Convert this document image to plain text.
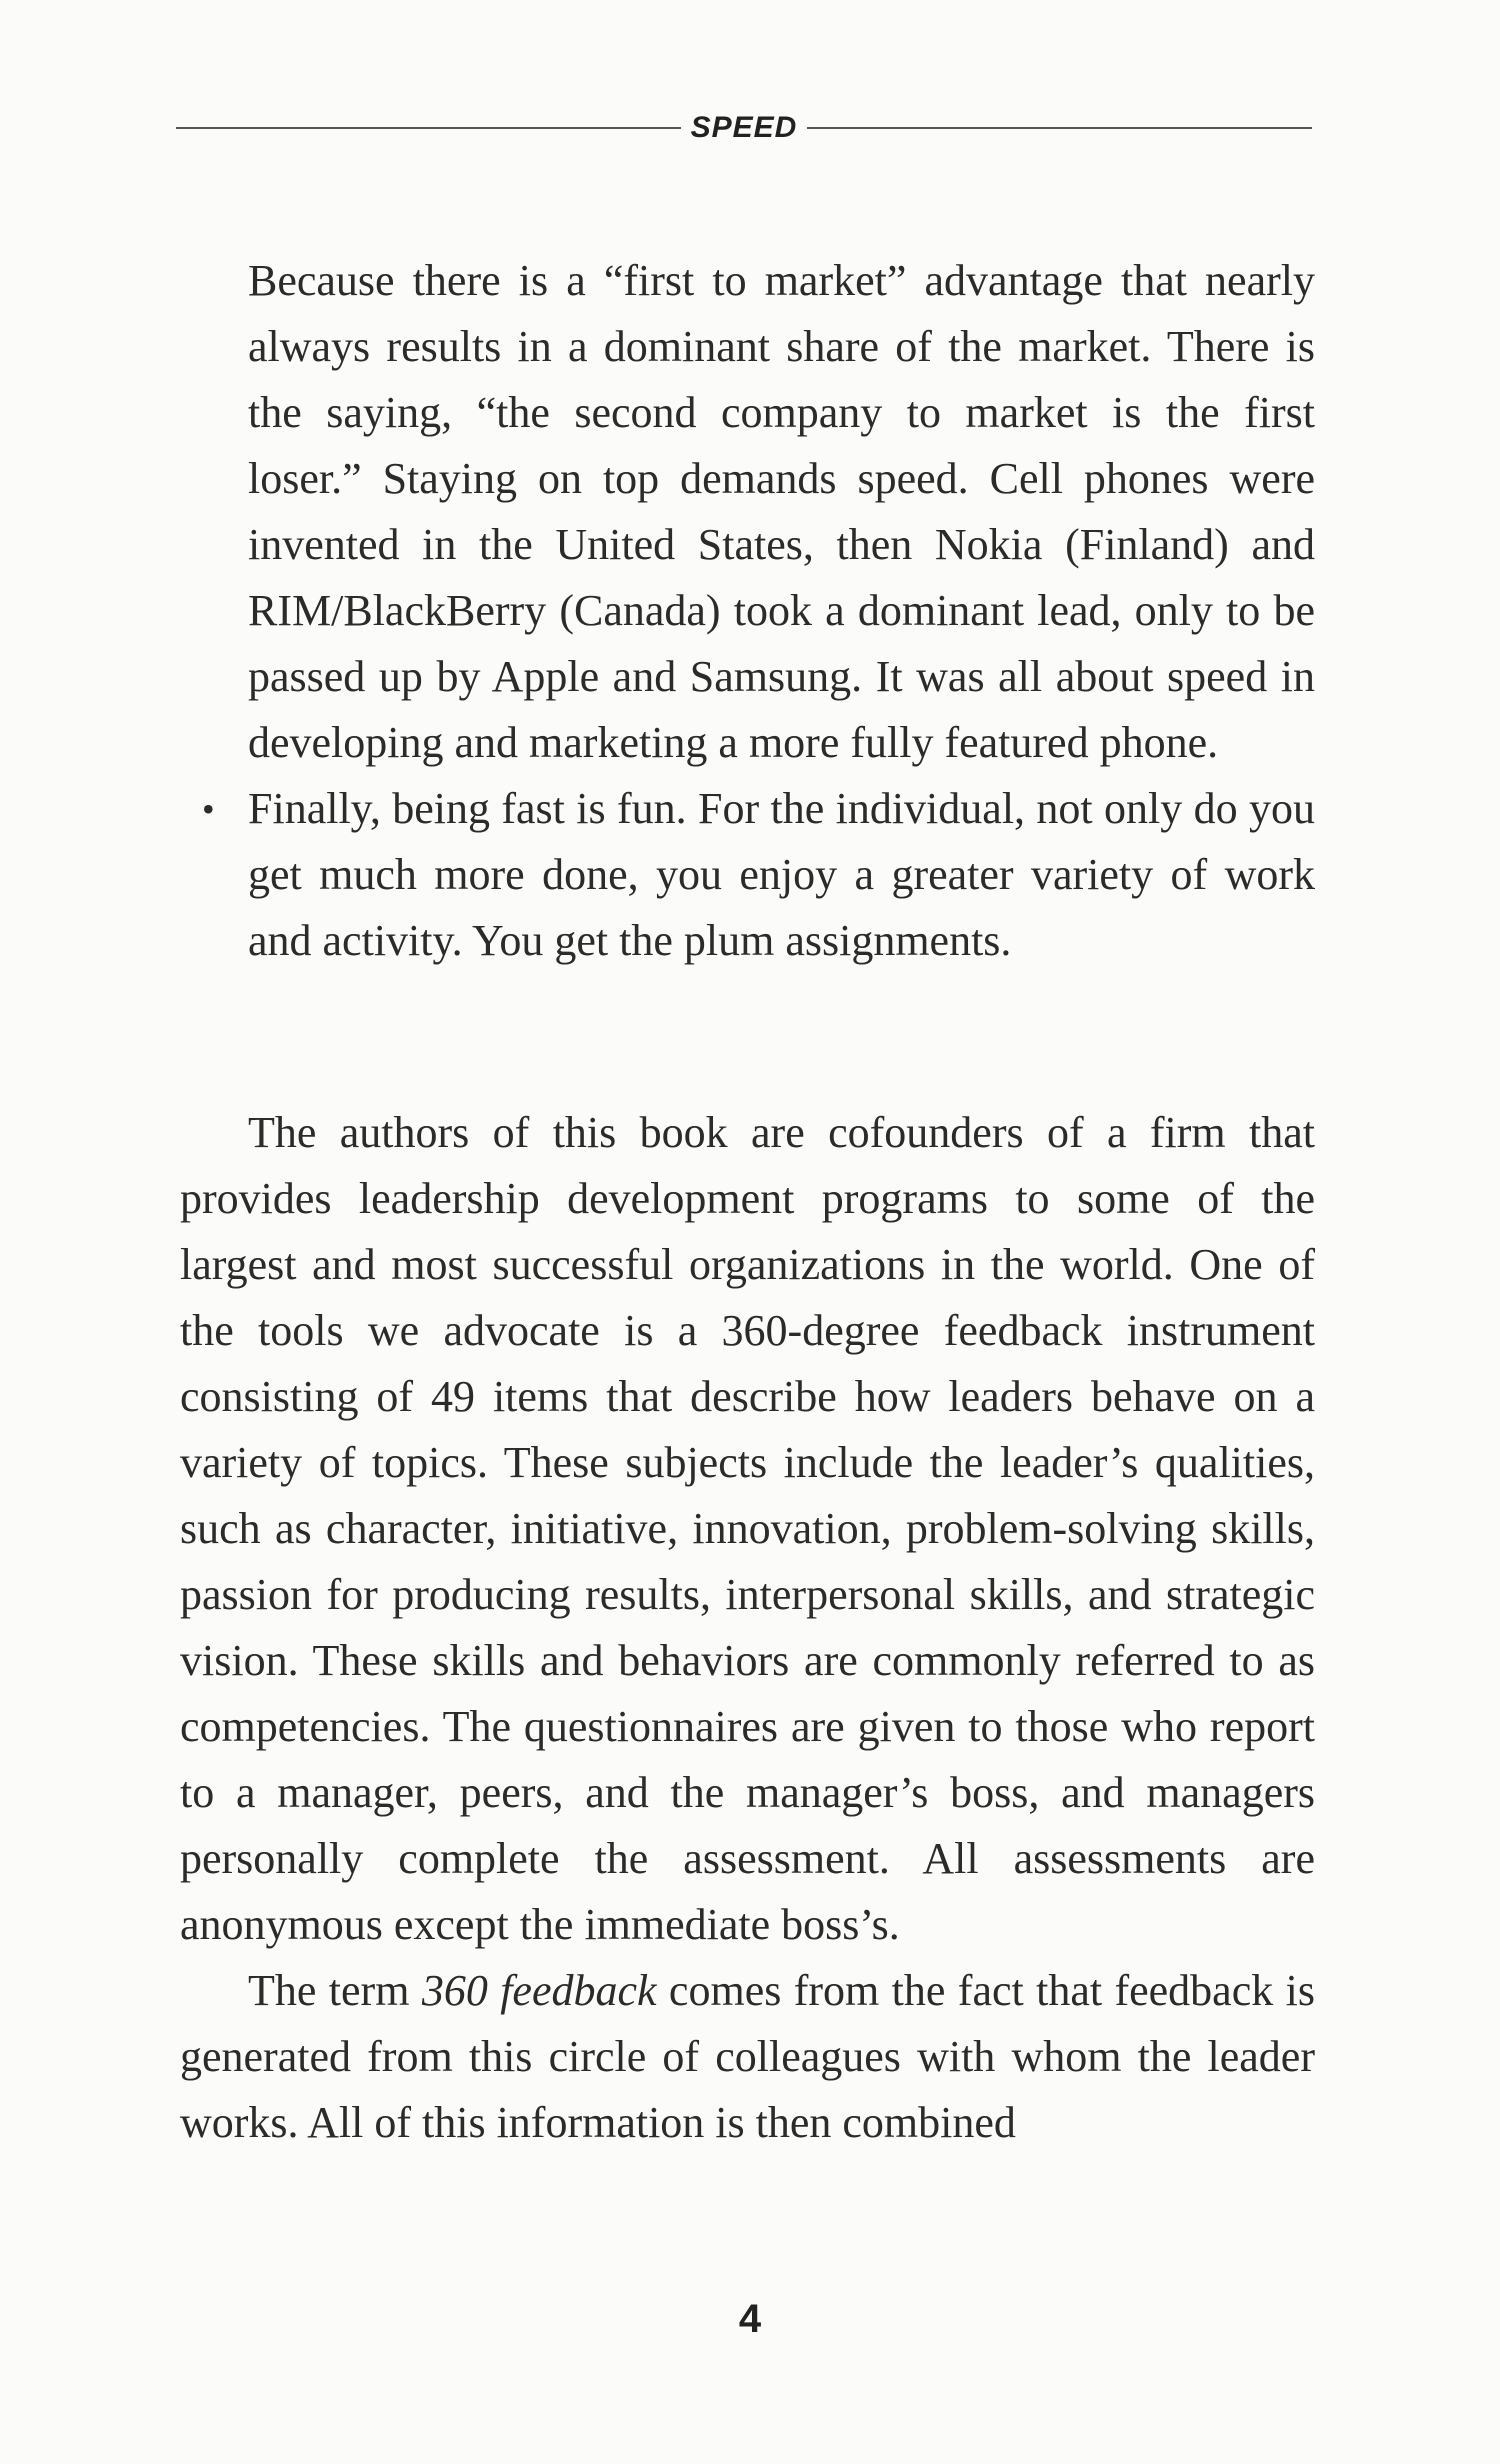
SPEED
Because there is a “first to market” advantage that nearly always results in a dominant share of the market. There is the saying, “the second company to market is the first loser.” Staying on top demands speed. Cell phones were invented in the United States, then Nokia (Finland) and RIM/BlackBerry (Canada) took a dominant lead, only to be passed up by Apple and Samsung. It was all about speed in developing and marketing a more fully featured phone.
• Finally, being fast is fun. For the individual, not only do you get much more done, you enjoy a greater variety of work and activity. You get the plum assignments.

The authors of this book are cofounders of a firm that provides leadership development programs to some of the largest and most successful organizations in the world. One of the tools we advocate is a 360-degree feedback instrument consisting of 49 items that describe how leaders behave on a variety of topics. These subjects include the leader’s qualities, such as character, initiative, innovation, problem-solving skills, passion for producing results, interpersonal skills, and strategic vision. These skills and behaviors are commonly referred to as competencies. The questionnaires are given to those who report to a manager, peers, and the manager’s boss, and managers personally complete the assessment. All assessments are anonymous except the immediate boss’s.

The term 360 feedback comes from the fact that feedback is generated from this circle of colleagues with whom the leader works. All of this information is then combined

4
